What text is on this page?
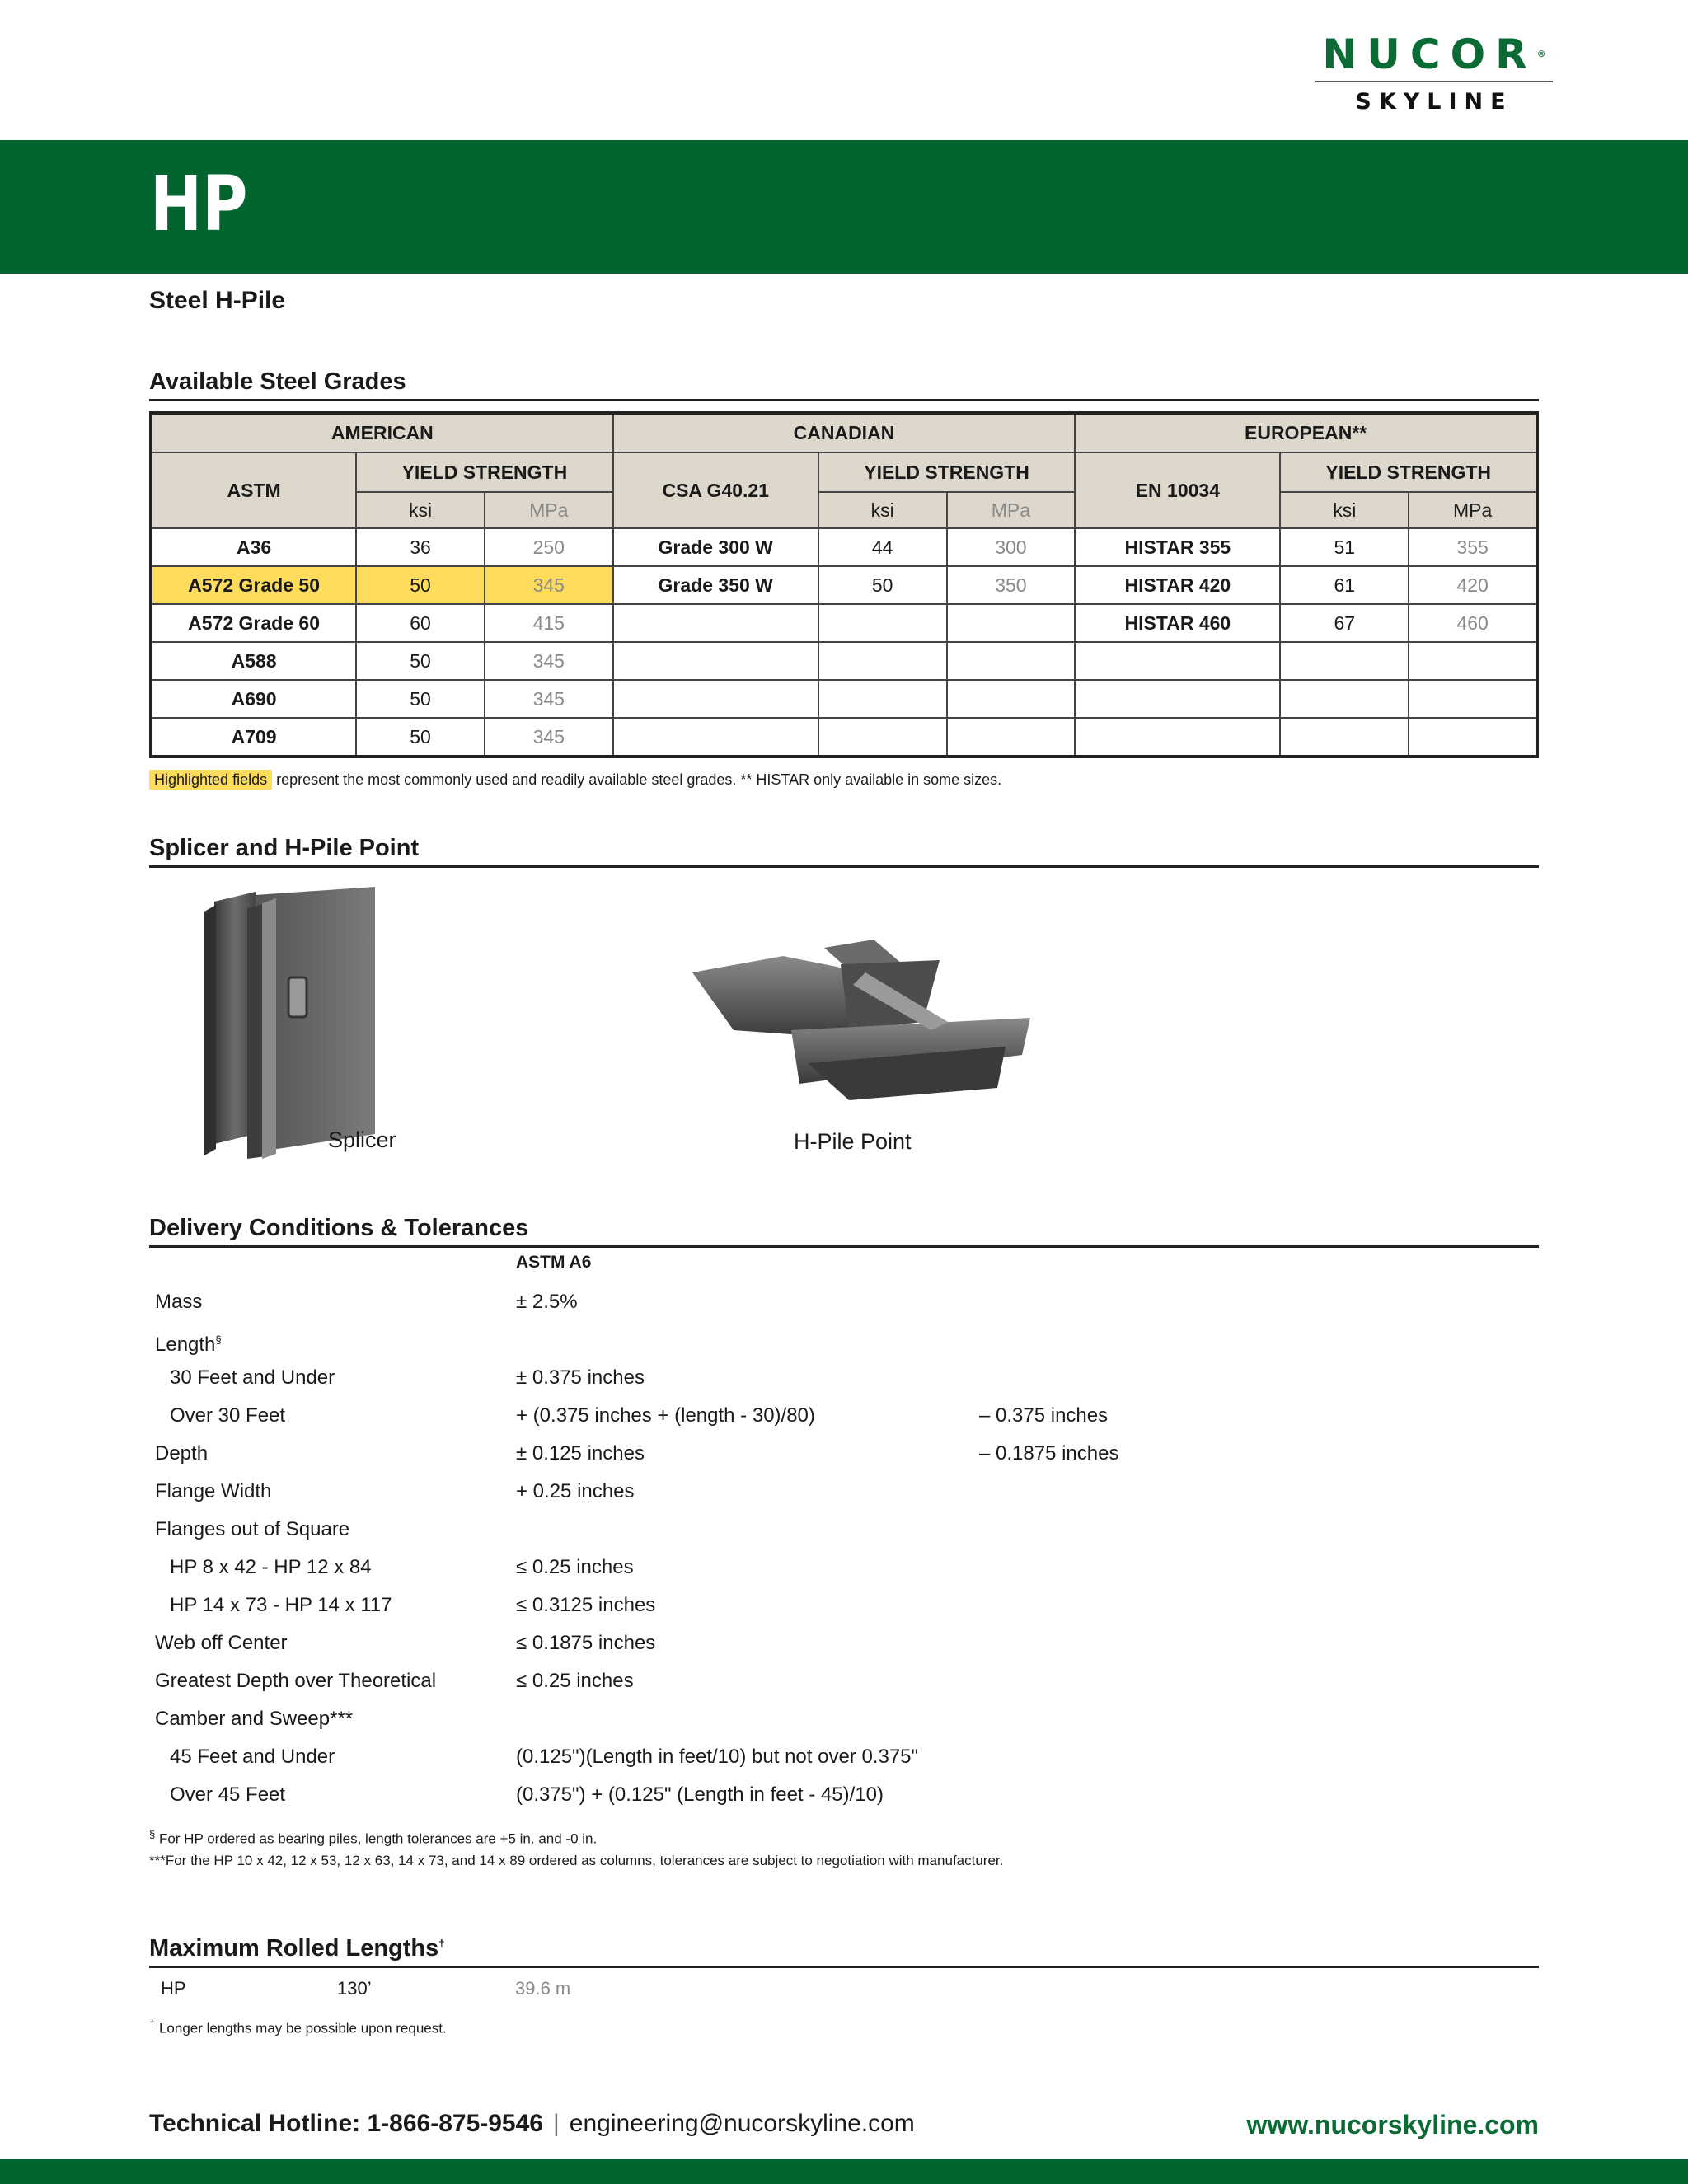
NUCOR®
SKYLINE
HP
Steel H-Pile
Available Steel Grades
AMERICAN			CANADIAN			EUROPEAN**		
ASTM	YIELD STRENGTH		CSA G40.21	YIELD STRENGTH		EN 10034	YIELD STRENGTH	
	ksi	MPa		ksi	MPa		ksi	MPa
A36	36	250	Grade 300 W	44	300	HISTAR 355	51	355
A572 Grade 50	50	345	Grade 350 W	50	350	HISTAR 420	61	420
A572 Grade 60	60	415				HISTAR 460	67	460
A588	50	345						
A690	50	345						
A709	50	345						
Highlighted fields represent the most commonly used and readily available steel grades. ** HISTAR only available in some sizes.
Splicer and H-Pile Point
Splicer	H-Pile Point
Delivery Conditions & Tolerances
ASTM A6
Mass	± 2.5%
Length§
30 Feet and Under	± 0.375 inches
Over 30 Feet	+ (0.375 inches + (length - 30)/80)	– 0.375 inches
Depth	± 0.125 inches	– 0.1875 inches
Flange Width	+ 0.25 inches
Flanges out of Square
HP 8 x 42 - HP 12 x 84	≤ 0.25 inches
HP 14 x 73 - HP 14 x 117	≤ 0.3125 inches
Web off Center	≤ 0.1875 inches
Greatest Depth over Theoretical	≤ 0.25 inches
Camber and Sweep***
45 Feet and Under	(0.125")(Length in feet/10) but not over 0.375"
Over 45 Feet	(0.375") + (0.125" (Length in feet - 45)/10)
§ For HP ordered as bearing piles, length tolerances are +5 in. and -0 in.
***For the HP 10 x 42, 12 x 53, 12 x 63, 14 x 73, and 14 x 89 ordered as columns, tolerances are subject to negotiation with manufacturer.
Maximum Rolled Lengths†
HP	130’	39.6 m
† Longer lengths may be possible upon request.
Technical Hotline: 1-866-875-9546 | engineering@nucorskyline.com	www.nucorskyline.com
